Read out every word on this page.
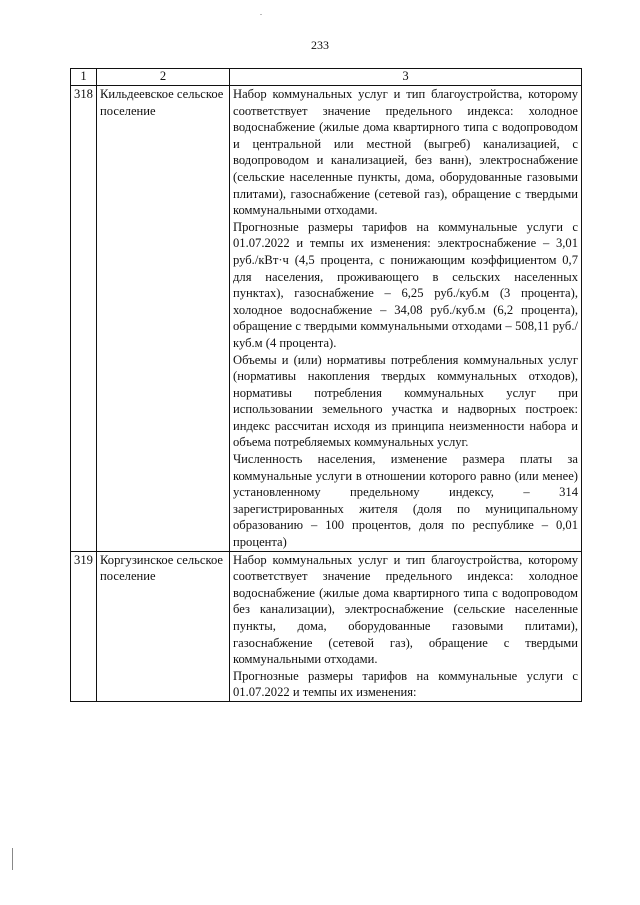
233
1	2	3
318	Кильдеевское сельское поселение	Набор коммунальных услуг и тип благоустройства, которому соответствует значение предельного индекса: холодное водоснабжение (жилые дома квартирного типа с водопроводом и центральной или местной (выгреб) канализацией, с водопроводом и канализацией, без ванн), электроснабжение (сельские населенные пункты, дома, оборудованные газовыми плитами), газоснабжение (сетевой газ), обращение с твердыми коммунальными отходами.

Прогнозные размеры тарифов на коммунальные услуги с 01.07.2022 и темпы их изменения: электроснабжение – 3,01 руб./кВт·ч (4,5 процента, с понижающим коэффициентом 0,7 для населения, проживающего в сельских населенных пунктах), газоснабжение – 6,25 руб./куб.м (3 процента), холодное водоснабжение – 34,08 руб./куб.м (6,2 процента), обращение с твердыми коммунальными отходами – 508,11 руб./куб.м (4 процента).

Объемы и (или) нормативы потребления коммунальных услуг (нормативы накопления твердых коммунальных отходов), нормативы потребления коммунальных услуг при использовании земельного участка и надворных построек: индекс рассчитан исходя из принципа неизменности набора и объема потребляемых коммунальных услуг.

Численность населения, изменение размера платы за коммунальные услуги в отношении которого равно (или менее) установленному предельному индексу, – 314 зарегистрированных жителя (доля по муниципальному образованию – 100 процентов, доля по республике – 0,01 процента)

319	Коргузинское сельское поселение	Набор коммунальных услуг и тип благоустройства, которому соответствует значение предельного индекса: холодное водоснабжение (жилые дома квартирного типа с водопроводом без канализации), электроснабжение (сельские населенные пункты, дома, оборудованные газовыми плитами), газоснабжение (сетевой газ), обращение с твердыми коммунальными отходами.

Прогнозные размеры тарифов на коммунальные услуги с 01.07.2022 и темпы их изменения:
